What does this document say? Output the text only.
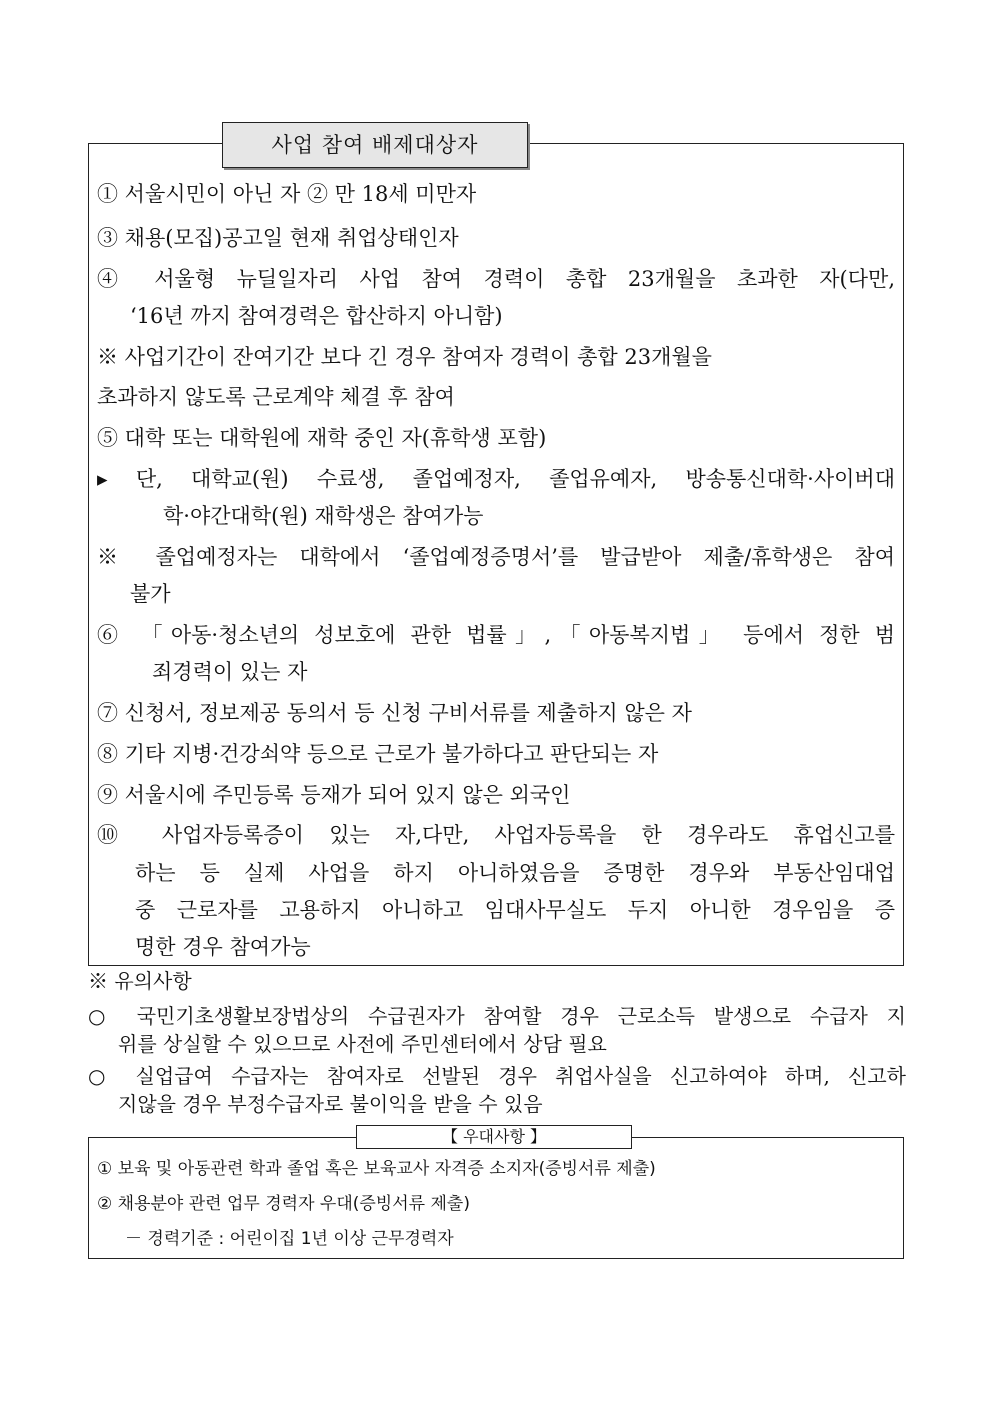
사업 참여 배제대상자
① 서울시민이 아닌 자 ② 만 18세 미만자
③ 채용(모집)공고일 현재 취업상태인자
④ 서울형 뉴딜일자리 사업 참여 경력이 총합 23개월을 초과한 자(다만,
‘16년 까지 참여경력은 합산하지 아니함)
※ 사업기간이 잔여기간 보다 긴 경우 참여자 경력이 총합 23개월을
초과하지 않도록 근로계약 체결 후 참여
⑤ 대학 또는 대학원에 재학 중인 자(휴학생 포함)
▸ 단, 대학교(원) 수료생, 졸업예정자, 졸업유예자, 방송통신대학·사이버대
학·야간대학(원) 재학생은 참여가능
※ 졸업예정자는 대학에서 ‘졸업예정증명서’를 발급받아 제출/휴학생은 참여
불가
⑥ 「아동·청소년의 성보호에 관한 법률」,「아동복지법」 등에서 정한 범
죄경력이 있는 자
⑦ 신청서, 정보제공 동의서 등 신청 구비서류를 제출하지 않은 자
⑧ 기타 지병·건강쇠약 등으로 근로가 불가하다고 판단되는 자
⑨ 서울시에 주민등록 등재가 되어 있지 않은 외국인
⑩ 사업자등록증이 있는 자,다만, 사업자등록을 한 경우라도 휴업신고를
하는 등 실제 사업을 하지 아니하였음을 증명한 경우와 부동산임대업
중 근로자를 고용하지 아니하고 임대사무실도 두지 아니한 경우임을 증
명한 경우 참여가능
※ 유의사항
○ 국민기초생활보장법상의 수급권자가 참여할 경우 근로소득 발생으로 수급자 지
위를 상실할 수 있으므로 사전에 주민센터에서 상담 필요
○ 실업급여 수급자는 참여자로 선발된 경우 취업사실을 신고하여야 하며, 신고하
지않을 경우 부정수급자로 불이익을 받을 수 있음
【 우대사항 】
① 보육 및 아동관련 학과 졸업 혹은 보육교사 자격증 소지자(증빙서류 제출)
② 채용분야 관련 업무 경력자 우대(증빙서류 제출)
－ 경력기준 : 어린이집 1년 이상 근무경력자
